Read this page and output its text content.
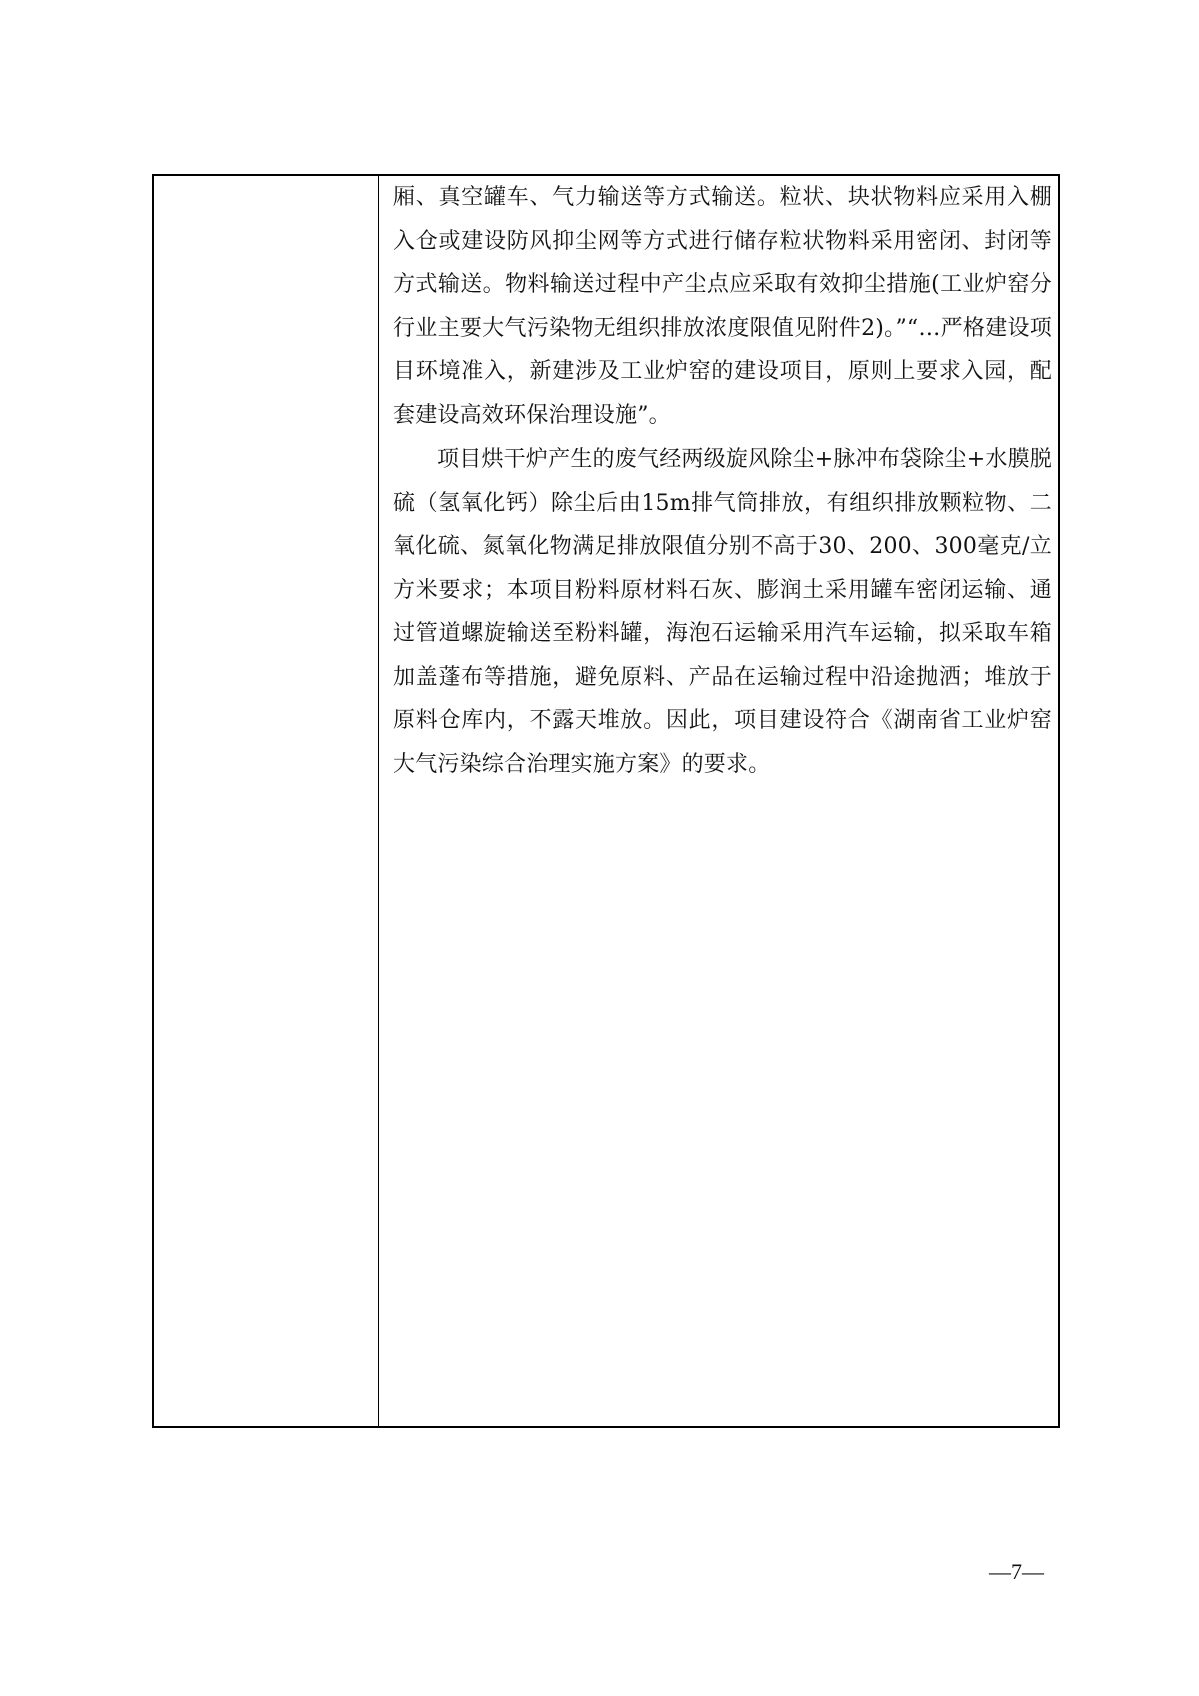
厢、真空罐车、气力输送等方式输送。粒状、块状物料应采用入棚入仓或建设防风抑尘网等方式进行储存粒状物料采用密闭、封闭等方式输送。物料输送过程中产尘点应采取有效抑尘措施(工业炉窑分行业主要大气污染物无组织排放浓度限值见附件2)。”“…严格建设项目环境准入，新建涉及工业炉窑的建设项目，原则上要求入园，配套建设高效环保治理设施”。

项目烘干炉产生的废气经两级旋风除尘+脉冲布袋除尘+水膜脱硫（氢氧化钙）除尘后由15m排气筒排放，有组织排放颗粒物、二氧化硫、氮氧化物满足排放限值分别不高于30、200、300毫克/立方米要求；本项目粉料原材料石灰、膨润土采用罐车密闭运输、通过管道螺旋输送至粉料罐，海泡石运输采用汽车运输，拟采取车箱加盖蓬布等措施，避免原料、产品在运输过程中沿途抛洒；堆放于原料仓库内，不露天堆放。因此，项目建设符合《湖南省工业炉窑大气污染综合治理实施方案》的要求。

—7—
